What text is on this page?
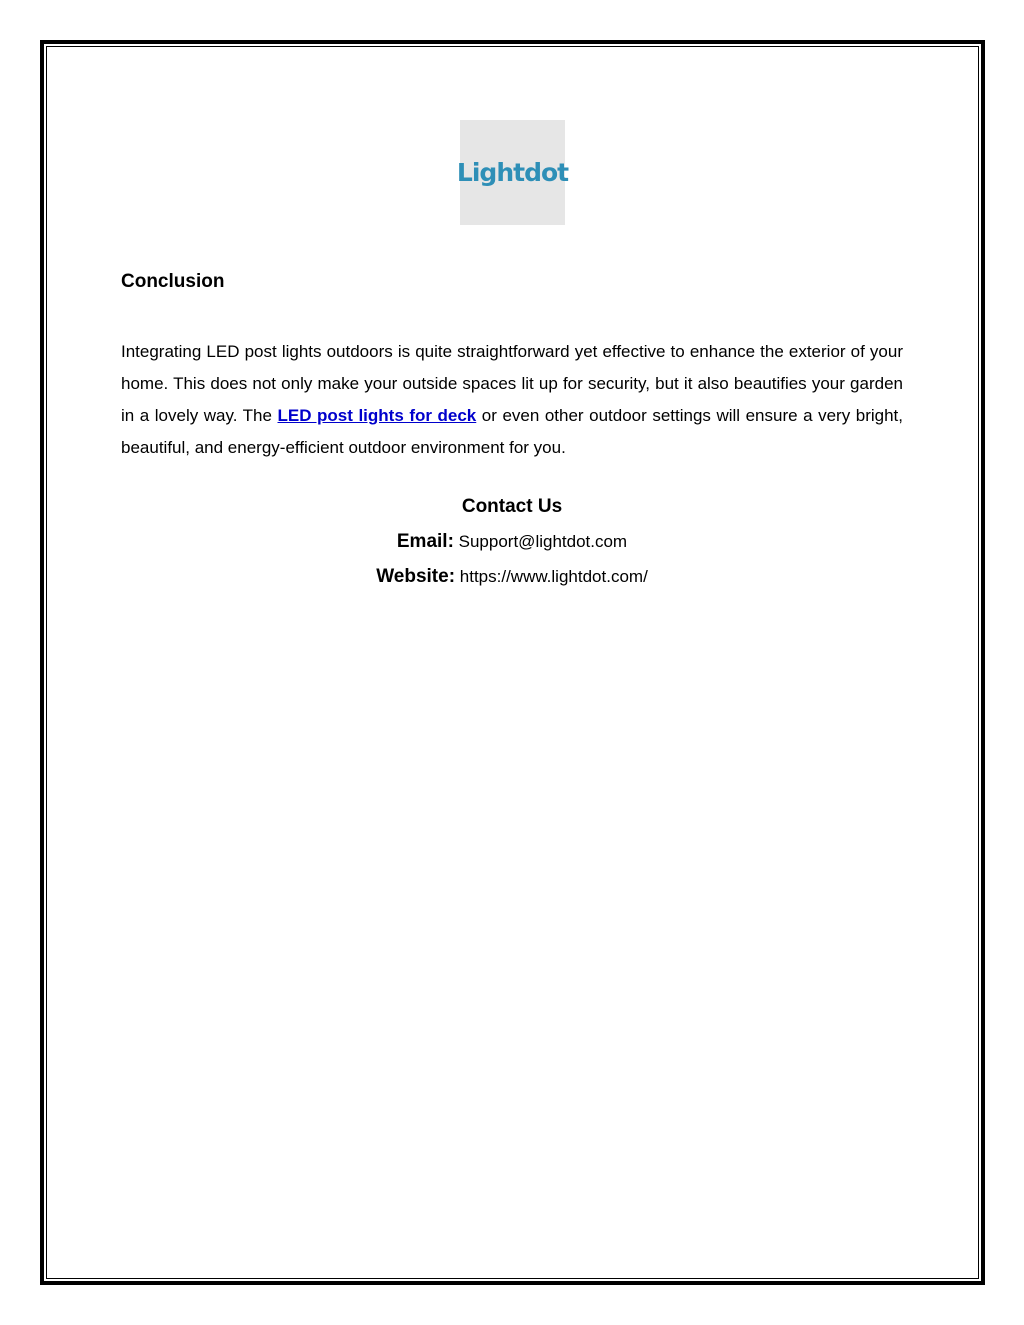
Lightdot
Conclusion

Integrating LED post lights outdoors is quite straightforward yet effective to enhance the exterior of your home. This does not only make your outside spaces lit up for security, but it also beautifies your garden in a lovely way. The LED post lights for deck or even other outdoor settings will ensure a very bright, beautiful, and energy-efficient outdoor environment for you.

Contact Us

Email: Support@lightdot.com

Website: https://www.lightdot.com/
